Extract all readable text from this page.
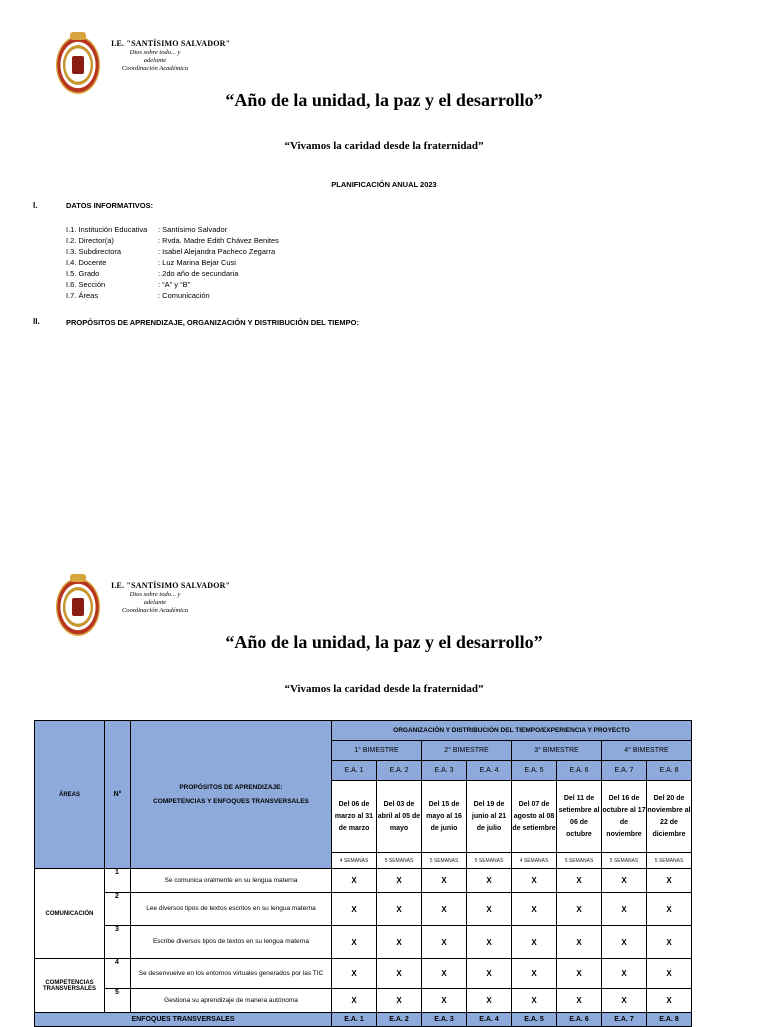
I.E. "SANTÍSIMO SALVADOR"
Dios sobre todo... y adelante
Coordinación Académica
“Año de la unidad, la paz y el desarrollo”
“Vivamos la caridad desde la fraternidad”
PLANIFICACIÓN ANUAL 2023
I.	DATOS INFORMATIVOS:
I.1. Institución Educativa : Santísimo Salvador
I.2. Director(a)	: Rvda. Madre Edith Chávez Benites
I.3. Subdirectora	: Isabel Alejandra Pacheco Zegarra
I.4. Docente	: Luz Marina Bejar Cusi
I.5. Grado	: 2do año de secundaria
I.6. Sección	: “A” y “B”
I.7. Áreas	: Comunicación
II.	PROPÓSITOS DE APRENDIZAJE, ORGANIZACIÓN Y DISTRIBUCIÓN DEL TIEMPO:
I.E. "SANTÍSIMO SALVADOR"
Dios sobre todo... y adelante
Coordinación Académica
“Año de la unidad, la paz y el desarrollo”
“Vivamos la caridad desde la fraternidad”
ÁREAS	N°	PROPÓSITOS DE APRENDIZAJE:
COMPETENCIAS Y ENFOQUES TRANSVERSALES	ORGANIZACIÓN Y DISTRIBUCIÓN DEL TIEMPO/EXPERIENCIA Y PROYECTO							
			1° BIMESTRE		2° BIMESTRE		3° BIMESTRE		4° BIMESTRE	
			E.A. 1	E.A. 2	E.A. 3	E.A. 4	E.A. 5	E.A. 6	E.A. 7	E.A. 8
			Del 06 de marzo al 31 de marzo	Del 03 de abril al 05 de mayo	Del 15 de mayo al 16 de junio	Del 19 de junio al 21 de julio	Del 07 de agosto al 08 de setiembre	Del 11 de setiembre al 06 de octubre	Del 16 de octubre al 17 de noviembre	Del 20 de noviembre al 22 de diciembre
			4 SEMANAS	5 SEMANAS	5 SEMANAS	5 SEMANAS	4 SEMANAS	5 SEMANAS	5 SEMANAS	5 SEMANAS
COMUNICACIÓN	1	Se comunica oralmente en su lengua materna	X	X	X	X	X	X	X	X
	2	Lee diversos tipos de textos escritos en su lengua materna	X	X	X	X	X	X	X	X
	3	Escribe diversos tipos de textos en su lengua materna	X	X	X	X	X	X	X	X
COMPETENCIAS TRANSVERSALES	4	Se desenvuelve en los entornos virtuales generados por las TIC	X	X	X	X	X	X	X	X
	5	Gestiona su aprendizaje de manera autónoma	X	X	X	X	X	X	X	X
ENFOQUES TRANSVERSALES			E.A. 1	E.A. 2	E.A. 3	E.A. 4	E.A. 5	E.A. 6	E.A. 7	E.A. 8
